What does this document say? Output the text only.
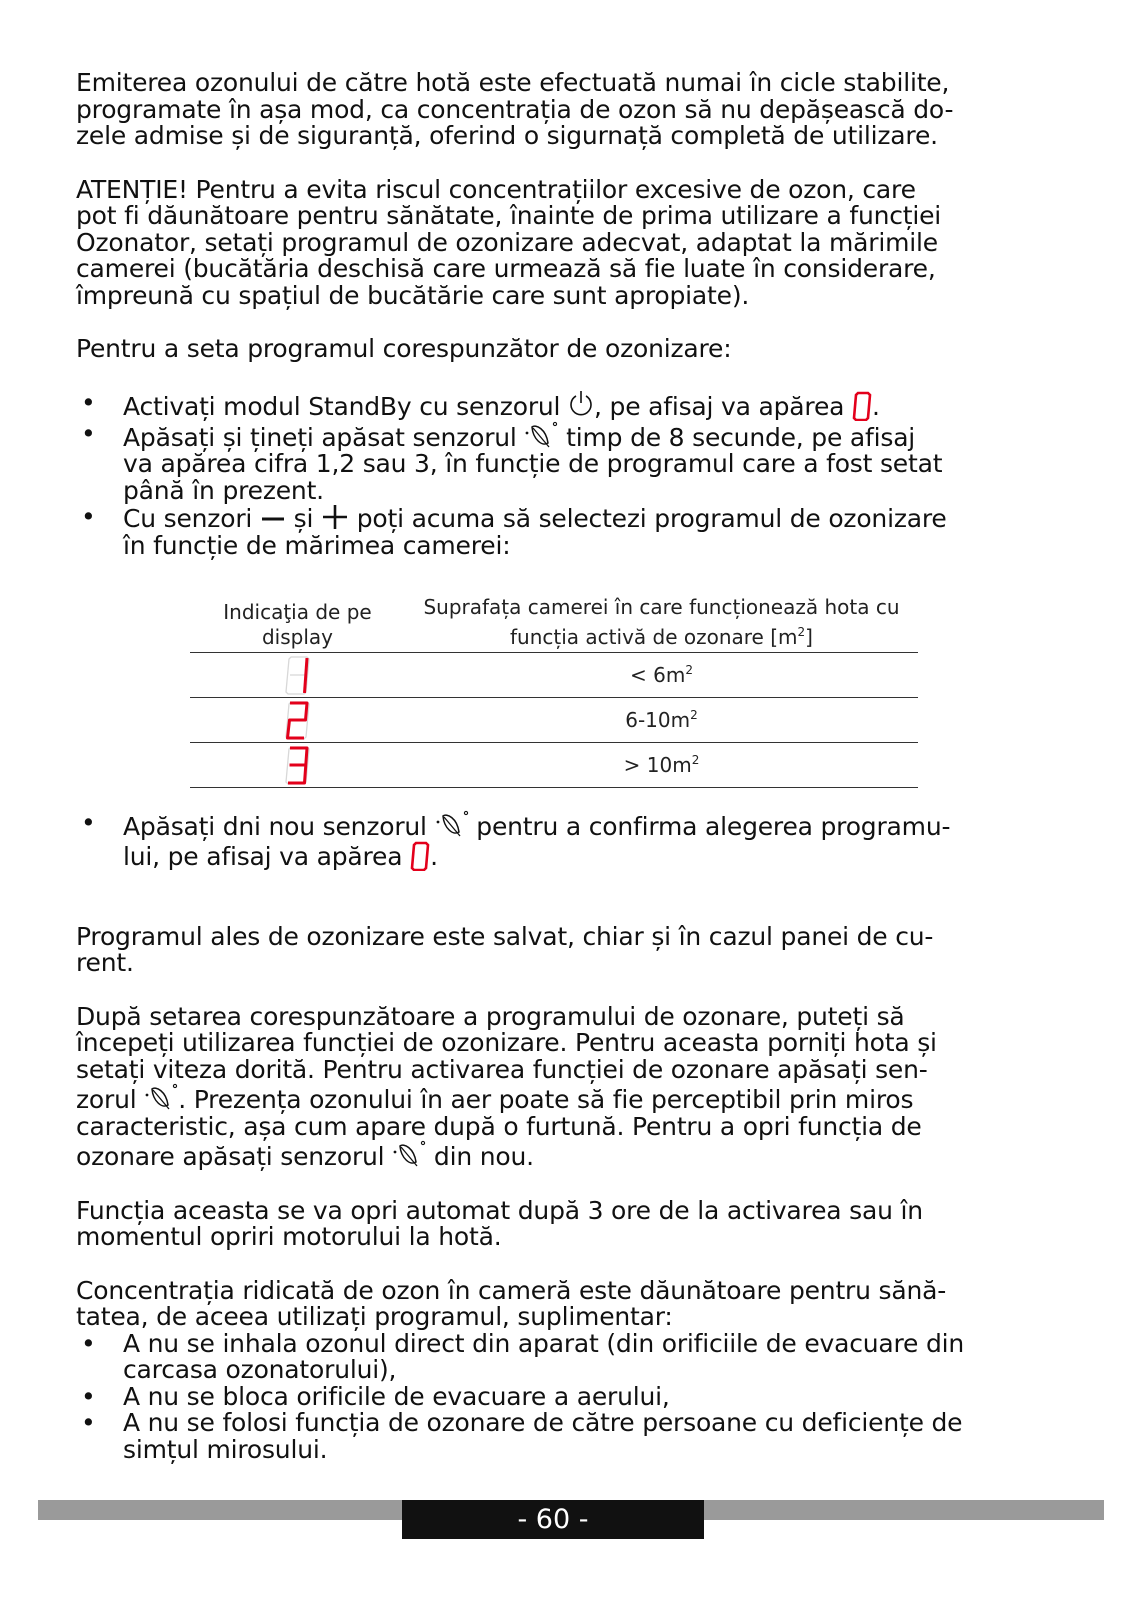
Emiterea ozonului de către hotă este efectuată numai în cicle stabilite,
programate în așa mod, ca concentrația de ozon să nu depășească do-
zele admise și de siguranță, oferind o sigurnață completă de utilizare.

ATENȚIE! Pentru a evita riscul concentrațiilor excesive de ozon, care
pot fi dăunătoare pentru sănătate, înainte de prima utilizare a funcției
Ozonator, setați programul de ozonizare adecvat, adaptat la mărimile
camerei (bucătăria deschisă care urmează să fie luate în considerare,
împreună cu spațiul de bucătărie care sunt apropiate).

Pentru a seta programul corespunzător de ozonizare:

• Activați modul StandBy cu senzorul , pe afisaj va apărea .
• Apăsați și țineți apăsat senzorul  timp de 8 secunde, pe afisaj
va apărea cifra 1,2 sau 3, în funcție de programul care a fost setat
până în prezent.
• Cu senzori  și  poți acuma să selectezi programul de ozonizare
în funcție de mărimea camerei:
Indicaţia de pe
display	Suprafața camerei în care funcționează hota cu
funcția activă de ozonare $[m^2]$
	< $6m^2$
	$6-10m^2$
	> $10m^2$
• Apăsați dni nou senzorul  pentru a confirma alegerea programu-
lui, pe afisaj va apărea .

Programul ales de ozonizare este salvat, chiar și în cazul panei de cu-
rent.

După setarea corespunzătoare a programului de ozonare, puteți să
începeți utilizarea funcției de ozonizare. Pentru aceasta porniți hota și
setați viteza dorită. Pentru activarea funcției de ozonare apăsați sen-
zorul . Prezența ozonului în aer poate să fie perceptibil prin miros
caracteristic, așa cum apare după o furtună. Pentru a opri funcția de
ozonare apăsați senzorul  din nou.

Funcția aceasta se va opri automat după 3 ore de la activarea sau în
momentul opriri motorului la hotă.

Concentrația ridicată de ozon în cameră este dăunătoare pentru sănă-
tatea, de aceea utilizați programul, suplimentar:

• A nu se inhala ozonul direct din aparat (din orificiile de evacuare din
carcasa ozonatorului),
• A nu se bloca orificile de evacuare a aerului,
• A nu se folosi funcția de ozonare de către persoane cu deficiențe de
simțul mirosului.
- 60 -
